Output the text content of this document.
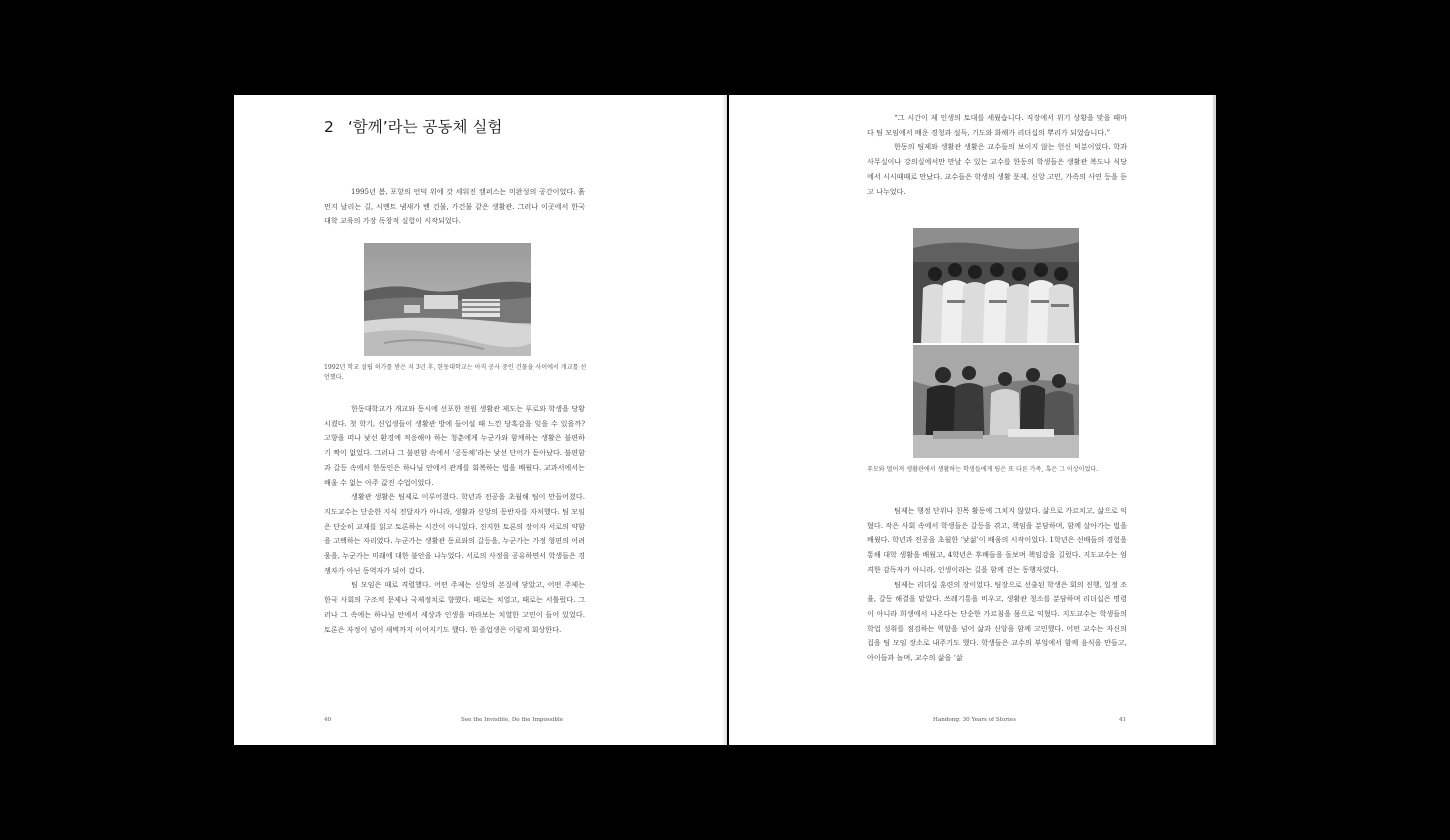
2 ‘함께’라는 공동체 실험

1995년 봄, 포항의 언덕 위에 갓 세워진 캠퍼스는 미완성의 공간이었다. 흙먼지 날리는 길, 시멘트 냄새가 밴 건물, 가건물 같은 생활관. 그러나 이곳에서 한국 대학 교육의 가장 독창적 실험이 시작되었다.

1992년 학교 설립 허가를 받은 지 3년 후, 한동대학교는 아직 공사 중인 건물을 사이에서 개교를 선언했다.

한동대학교가 개교와 동시에 선포한 전원 생활관 제도는 푸로와 학생을 당황시켰다. 첫 학기, 신입생들이 생활관 방에 들어설 때 느낀 당혹감을 잊을 수 있을까? 고향을 떠나 낯선 환경에 적응해야 하는 청춘에게 누군가와 함께하는 생활은 불편하기 짝이 없었다. 그러나 그 불편함 속에서 ‘공동체’라는 낯선 단어가 돋아났다. 불편함과 갈등 속에서 한동인은 하나님 안에서 관계를 회복하는 법을 배웠다. 교과서에서는 배울 수 없는 아주 값진 수업이었다.

생활관 생활은 팀제로 이루어졌다. 학년과 전공을 초월해 팀이 만들어졌다. 지도교수는 단순한 지식 전달자가 아니라, 생활과 신앙의 동반자를 자처했다. 팀 모임은 단순히 교재를 읽고 토론하는 시간이 아니었다. 진지한 토론의 장이자 서로의 약함을 고백하는 자리였다. 누군가는 생활관 동료와의 갈등을, 누군가는 가정 형편의 어려움을, 누군가는 미래에 대한 불안을 나누었다. 서로의 사정을 공유하면서 학생들은 경쟁자가 아닌 동역자가 되어 갔다.

팀 모임은 때로 격렬했다. 어떤 주제는 신앙의 본질에 닿았고, 어떤 주제는 한국 사회의 구조적 문제나 국제정치로 향했다. 때로는 치열고, 때로는 서툴렀다. 그러나 그 속에는 하나님 안에서 세상과 인생을 바라보는 치열한 고민이 들어 있었다. 토론은 자정이 넘어 새벽까지 이어지기도 했다. 한 졸업생은 이렇게 회상한다.

40	See the Invisible, Do the Impossible

“그 시간이 제 인생의 토대를 세웠습니다. 직장에서 위기 상황을 맞을 때마다 팀 모임에서 배운 경청과 설득, 기도와 화해가 리더십의 뿌리가 되었습니다.”

한동의 팀제와 생활관 생활은 교수들의 보이지 않는 헌신 덕분이었다. 학과 사무실이나 강의실에서만 만날 수 있는 교수를 한동의 학생들은 생활관 복도나 식당에서 시시때때로 만났다. 교수들은 학생의 생활 문제, 신앙 고민, 가족의 사연 등을 듣고 나누었다.

푸모와 떨어져 생활관에서 생활하는 학생들에게 팀은 또 다른 가족, 혹은 그 이상이었다.

팀제는 행정 단위나 친목 활동에 그치지 않았다. 삶으로 가르치고, 삶으로 익혔다. 작은 사회 속에서 학생들은 갈등을 겪고, 책임을 분담하며, 함께 살아가는 법을 배웠다. 학년과 전공을 초월한 ‘낯섦’이 배움의 시작이었다. 1학년은 선배들의 경험을 통해 대학 생활을 배웠고, 4학년은 후배들을 돌보며 책임감을 길렀다. 지도교수는 엄격한 감독자가 아니라, 인생이라는 길을 함께 걷는 동행자였다.

팀제는 리더십 훈련의 장이었다. 팀장으로 선출된 학생은 회의 진행, 일정 조율, 갈등 해결을 맡았다. 쓰레기통을 비우고, 생활관 청소를 분담하며 리더십은 명령이 아니라 희생에서 나온다는 단순한 가르침을 몸으로 익혔다. 지도교수는 학생들의 학업 성취를 점검하는 역할을 넘어 삶과 신앙을 함께 고민했다. 어떤 교수는 자신의 집을 팀 모임 장소로 내주기도 했다. 학생들은 교수의 부엌에서 함께 음식을 만들고, 아이들과 놀며, 교수의 삶을 ‘삶

Handong: 30 Years of Stories	41
